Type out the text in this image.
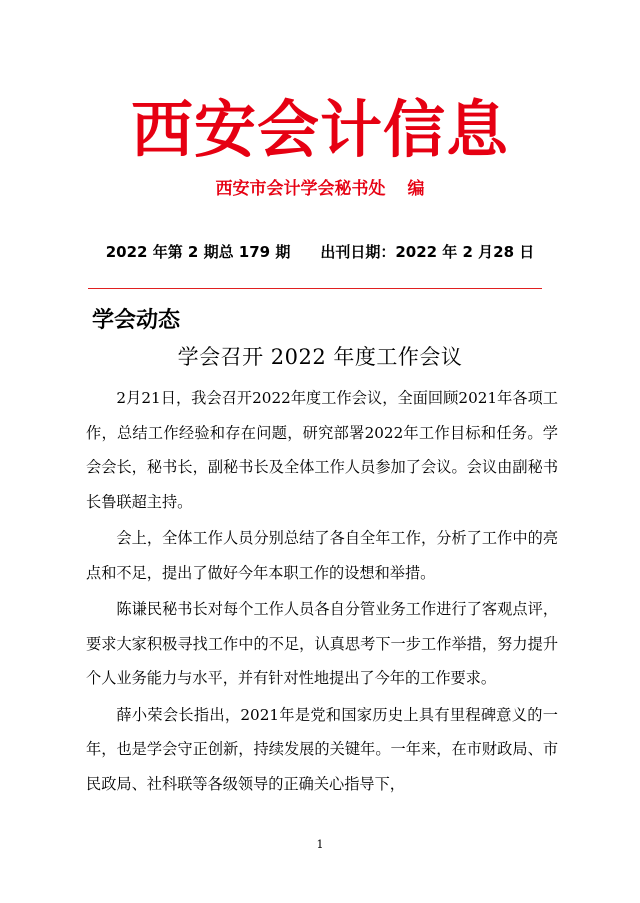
西安会计信息
西安市会计学会秘书处 编
2022 年第 2 期总 179 期 出刊日期：2022 年 2 月28 日
学会动态
学会召开 2022 年度工作会议

2月21日，我会召开2022年度工作会议，全面回顾2021年各项工作，总结工作经验和存在问题，研究部署2022年工作目标和任务。学会会长，秘书长，副秘书长及全体工作人员参加了会议。会议由副秘书长鲁联超主持。

会上，全体工作人员分别总结了各自全年工作，分析了工作中的亮点和不足，提出了做好今年本职工作的设想和举措。

陈谦民秘书长对每个工作人员各自分管业务工作进行了客观点评，要求大家积极寻找工作中的不足，认真思考下一步工作举措，努力提升个人业务能力与水平，并有针对性地提出了今年的工作要求。

薛小荣会长指出，2021年是党和国家历史上具有里程碑意义的一年，也是学会守正创新，持续发展的关键年。一年来，在市财政局、市民政局、社科联等各级领导的正确关心指导下，

1
